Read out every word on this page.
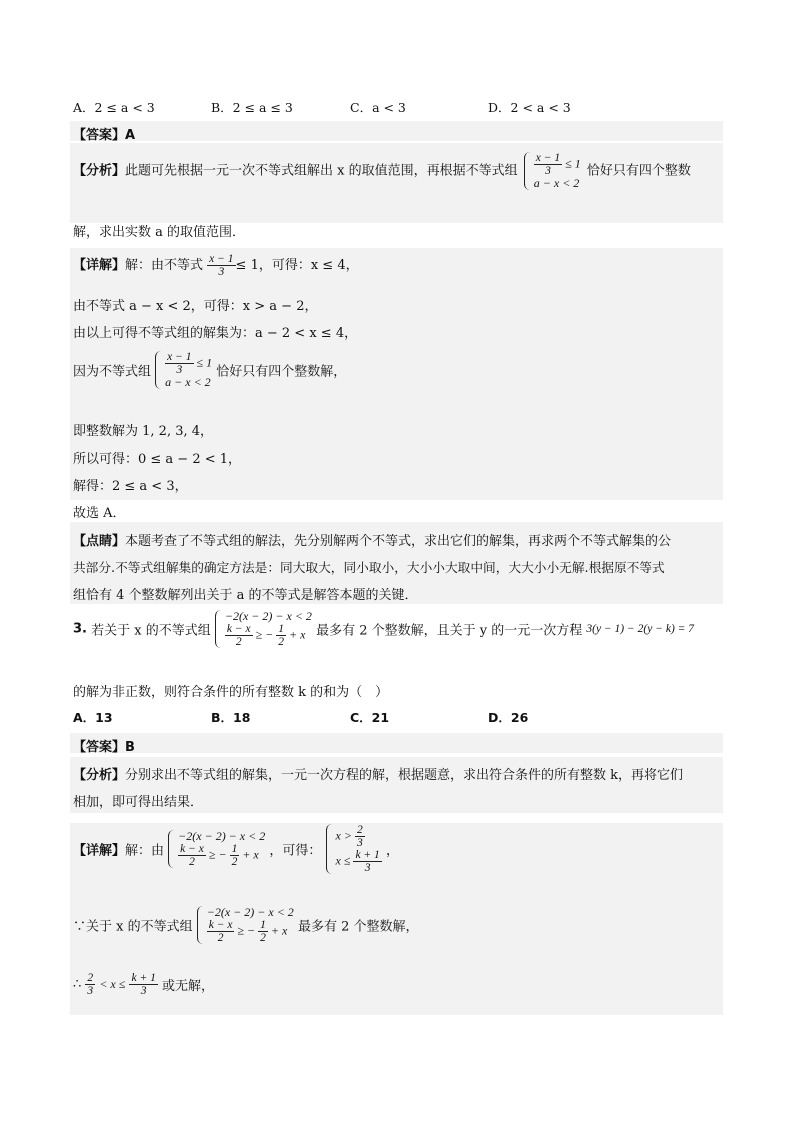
A．2 ≤ a < 3	B．2 ≤ a ≤ 3	C．a < 3	D．2 < a < 3
【答案】A
【分析】此题可先根据一元一次不等式组解出 x 的取值范围，再根据不等式组 $\frac{x - 1}{3} \le 1$
a − x < 2
恰好只有四个整数
解，求出实数 a 的取值范围．
【详解】解：由不等式 $\frac{x - 1}{3} \le 1$，可得：x ≤ 4，
由不等式 a − x < 2，可得：x > a − 2，
由以上可得不等式组的解集为：a − 2 < x ≤ 4，
因为不等式组 $\frac{x - 1}{3} \le 1$
a − x < 2
恰好只有四个整数解，
即整数解为 1, 2, 3, 4，
所以可得：0 ≤ a − 2 < 1，
解得：2 ≤ a < 3，
故选 A．
【点睛】本题考查了不等式组的解法，先分别解两个不等式，求出它们的解集，再求两个不等式解集的公
共部分.不等式组解集的确定方法是：同大取大，同小取小，大小小大取中间，大大小小无解.根据原不等式
组恰有 4 个整数解列出关于 a 的不等式是解答本题的关键．
3. 若关于 x 的不等式组
−2(x − 2) − x < 2
$\frac{k - x}{2}$ ≥ − $\frac{1}{2} + x$ 最多有 2 个整数解，且关于 y 的一元一次方程 3(y − 1) − 2(y − k) = 7
的解为非正数，则符合条件的所有整数 k 的和为（　）
A．13	B．18	C．21	D．26
【答案】B
【分析】分别求出不等式组的解集，一元一次方程的解，根据题意，求出符合条件的所有整数 k，再将它们
相加，即可得出结果．
【详解】解：由
−2(x − 2) − x < 2
$\frac{k - x}{2}$ ≥ − $\frac{1}{2} + x$ ，可得：
$x > \frac{2}{3}$
$x \le \frac{k + 1}{3}$ ，
∵关于 x 的不等式组
−2(x − 2) − x < 2
$\frac{k - x}{2}$ ≥ − $\frac{1}{2} + x$ 最多有 2 个整数解，
∴ $\frac{2}{3} < x \le \frac{k + 1}{3}$ 或无解，
